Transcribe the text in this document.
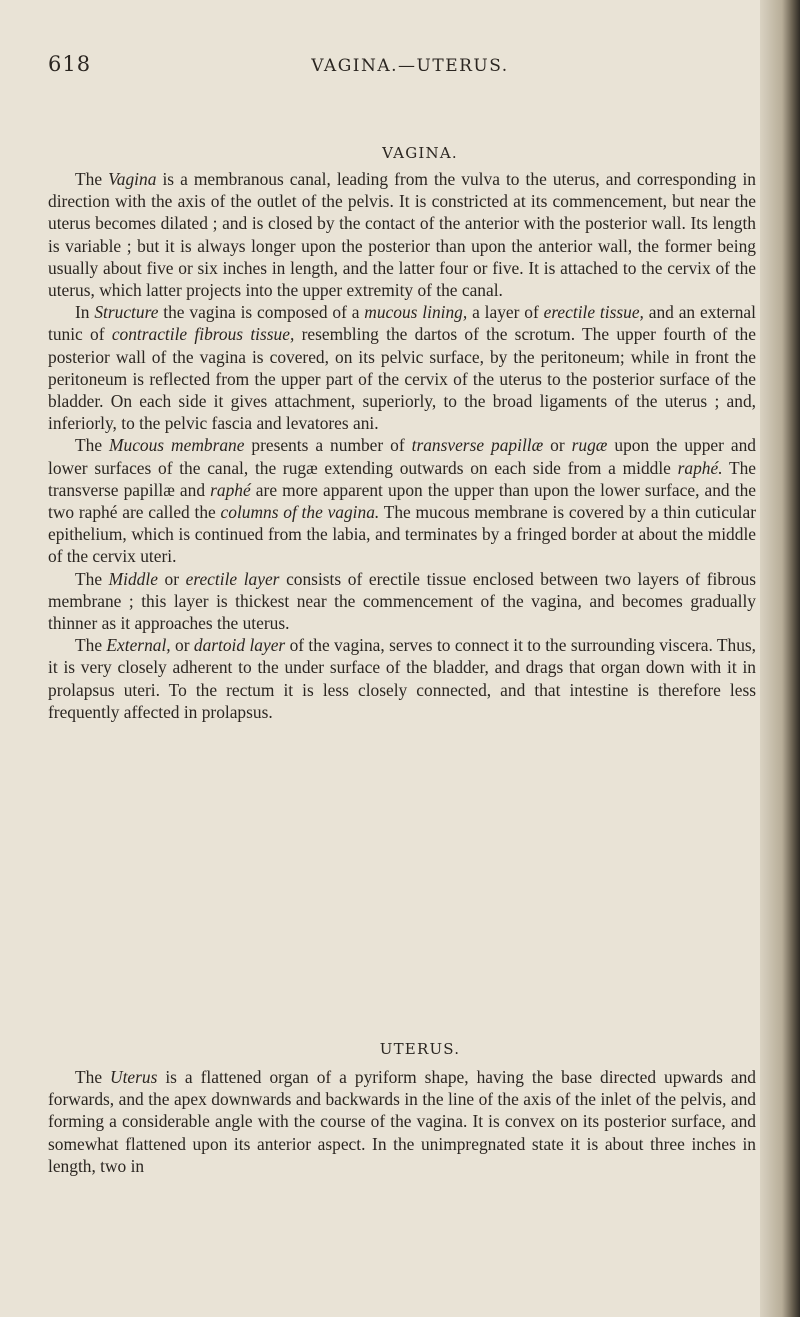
618	VAGINA.—UTERUS.
VAGINA.

The Vagina is a membranous canal, leading from the vulva to the uterus, and corresponding in direction with the axis of the outlet of the pelvis. It is constricted at its commencement, but near the uterus becomes dilated ; and is closed by the contact of the anterior with the posterior wall. Its length is variable ; but it is always longer upon the posterior than upon the anterior wall, the former being usually about five or six inches in length, and the latter four or five. It is attached to the cervix of the uterus, which latter projects into the upper extremity of the canal.

In Structure the vagina is composed of a mucous lining, a layer of erectile tissue, and an external tunic of contractile fibrous tissue, resembling the dartos of the scrotum. The upper fourth of the posterior wall of the vagina is covered, on its pelvic surface, by the peritoneum; while in front the peritoneum is reflected from the upper part of the cervix of the uterus to the posterior surface of the bladder. On each side it gives attachment, superiorly, to the broad ligaments of the uterus ; and, inferiorly, to the pelvic fascia and levatores ani.

The Mucous membrane presents a number of transverse papillæ or rugæ upon the upper and lower surfaces of the canal, the rugæ extending outwards on each side from a middle raphé. The transverse papillæ and raphé are more apparent upon the upper than upon the lower surface, and the two raphé are called the columns of the vagina. The mucous membrane is covered by a thin cuticular epithelium, which is continued from the labia, and terminates by a fringed border at about the middle of the cervix uteri.

The Middle or erectile layer consists of erectile tissue enclosed between two layers of fibrous membrane ; this layer is thickest near the commencement of the vagina, and becomes gradually thinner as it approaches the uterus.

The External, or dartoid layer of the vagina, serves to connect it to the surrounding viscera. Thus, it is very closely adherent to the under surface of the bladder, and drags that organ down with it in prolapsus uteri. To the rectum it is less closely connected, and that intestine is therefore less frequently affected in prolapsus.

UTERUS.

The Uterus is a flattened organ of a pyriform shape, having the base directed upwards and forwards, and the apex downwards and backwards in the line of the axis of the inlet of the pelvis, and forming a considerable angle with the course of the vagina. It is convex on its posterior surface, and somewhat flattened upon its anterior aspect. In the unimpregnated state it is about three inches in length, two in
